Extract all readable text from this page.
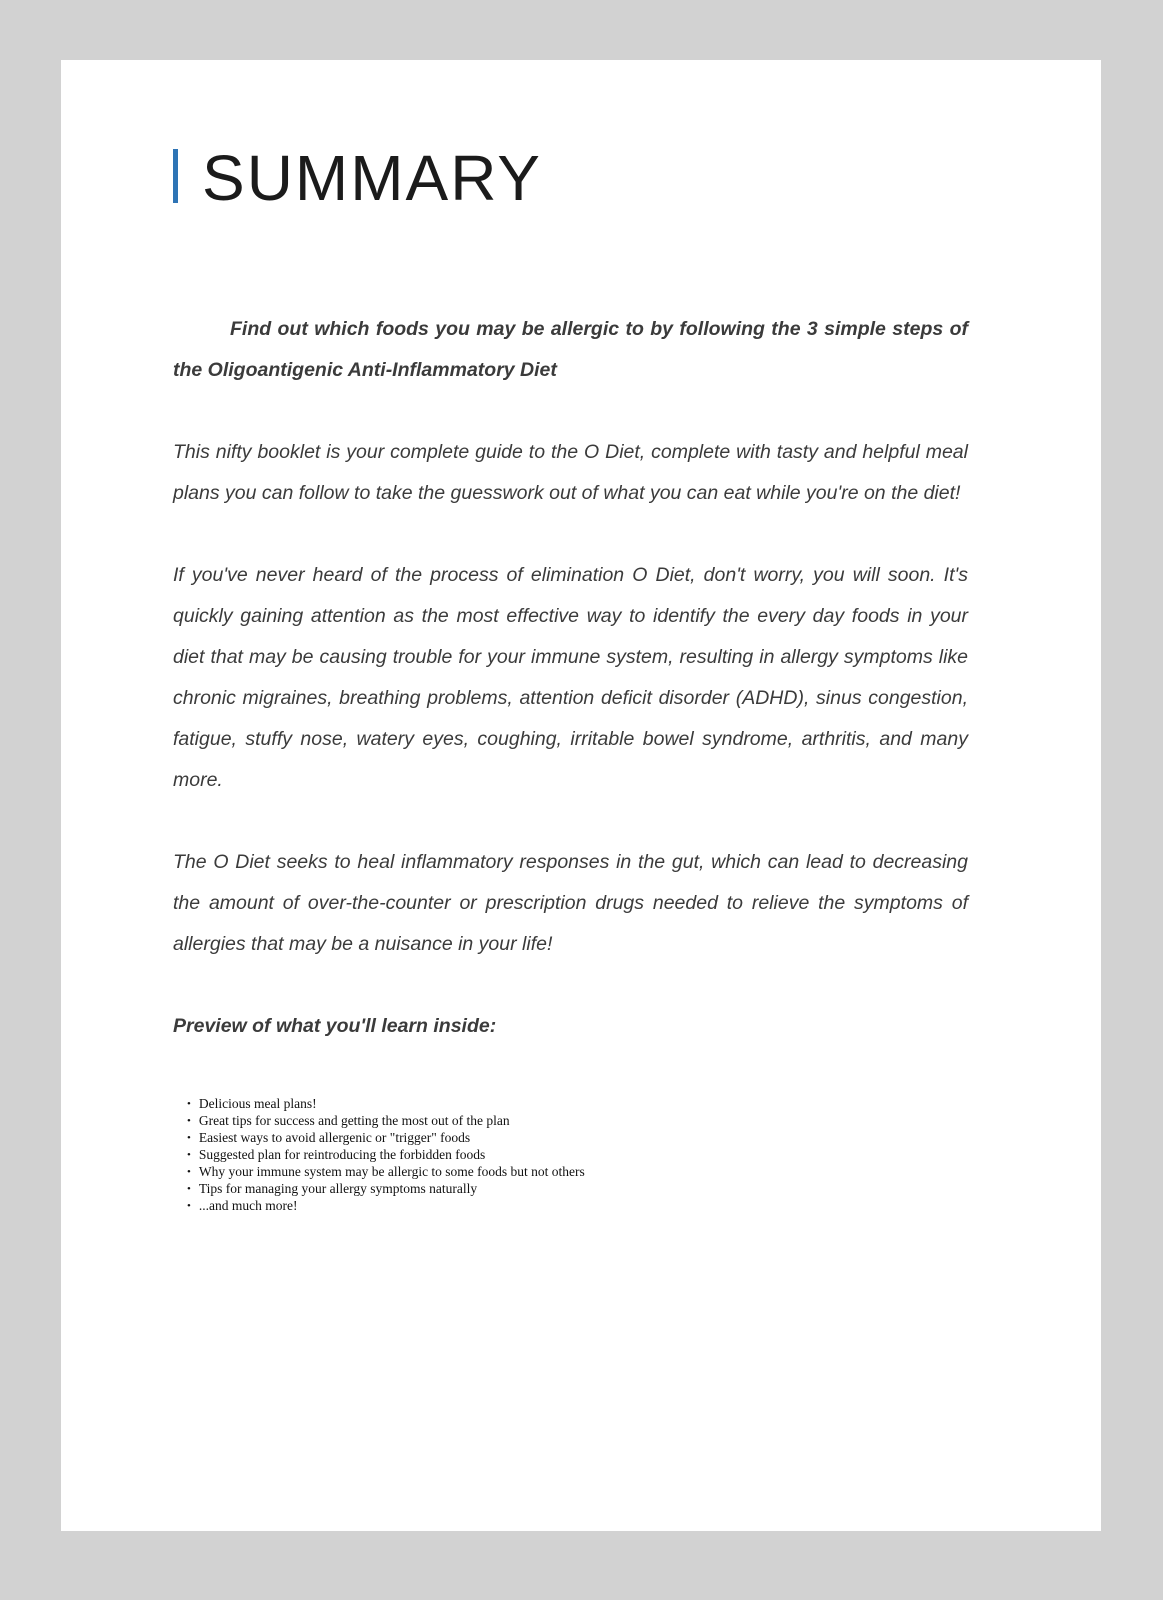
SUMMARY

Find out which foods you may be allergic to by following the 3 simple steps of the Oligoantigenic Anti-Inflammatory Diet

This nifty booklet is your complete guide to the O Diet, complete with tasty and helpful meal plans you can follow to take the guesswork out of what you can eat while you're on the diet!

If you've never heard of the process of elimination O Diet, don't worry, you will soon. It's quickly gaining attention as the most effective way to identify the every day foods in your diet that may be causing trouble for your immune system, resulting in allergy symptoms like chronic migraines, breathing problems, attention deficit disorder (ADHD), sinus congestion, fatigue, stuffy nose, watery eyes, coughing, irritable bowel syndrome, arthritis, and many more.

The O Diet seeks to heal inflammatory responses in the gut, which can lead to decreasing the amount of over-the-counter or prescription drugs needed to relieve the symptoms of allergies that may be a nuisance in your life!

Preview of what you'll learn inside:

• Delicious meal plans!
• Great tips for success and getting the most out of the plan
• Easiest ways to avoid allergenic or "trigger" foods
• Suggested plan for reintroducing the forbidden foods
• Why your immune system may be allergic to some foods but not others
• Tips for managing your allergy symptoms naturally
• ...and much more!
